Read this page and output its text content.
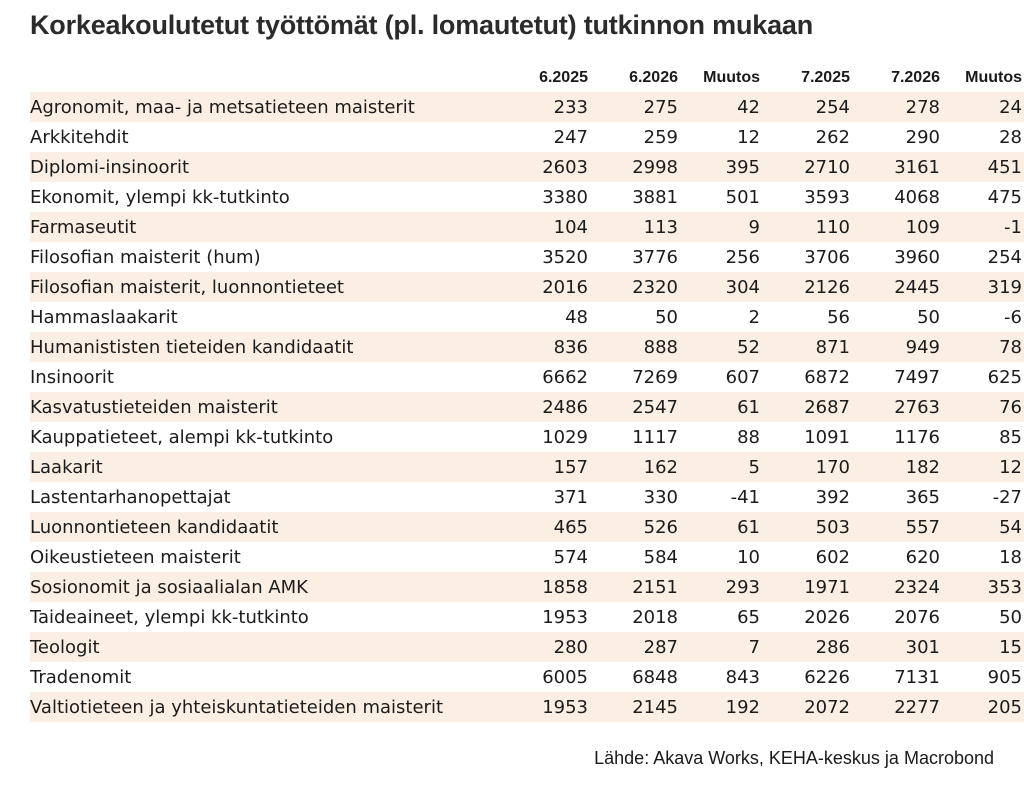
Korkeakoulutetut työttömät (pl. lomautetut) tutkinnon mukaan
	6.2025	6.2026	Muutos	7.2025	7.2026	Muutos
Agronomit, maa- ja metsatieteen maisterit	233	275	42	254	278	24
Arkkitehdit	247	259	12	262	290	28
Diplomi-insinoorit	2603	2998	395	2710	3161	451
Ekonomit, ylempi kk-tutkinto	3380	3881	501	3593	4068	475
Farmaseutit	104	113	9	110	109	-1
Filosofian maisterit (hum)	3520	3776	256	3706	3960	254
Filosofian maisterit, luonnontieteet	2016	2320	304	2126	2445	319
Hammaslaakarit	48	50	2	56	50	-6
Humanististen tieteiden kandidaatit	836	888	52	871	949	78
Insinoorit	6662	7269	607	6872	7497	625
Kasvatustieteiden maisterit	2486	2547	61	2687	2763	76
Kauppatieteet, alempi kk-tutkinto	1029	1117	88	1091	1176	85
Laakarit	157	162	5	170	182	12
Lastentarhanopettajat	371	330	-41	392	365	-27
Luonnontieteen kandidaatit	465	526	61	503	557	54
Oikeustieteen maisterit	574	584	10	602	620	18
Sosionomit ja sosiaalialan AMK	1858	2151	293	1971	2324	353
Taideaineet, ylempi kk-tutkinto	1953	2018	65	2026	2076	50
Teologit	280	287	7	286	301	15
Tradenomit	6005	6848	843	6226	7131	905
Valtiotieteen ja yhteiskuntatieteiden maisterit	1953	2145	192	2072	2277	205
Lähde: Akava Works, KEHA-keskus ja Macrobond
